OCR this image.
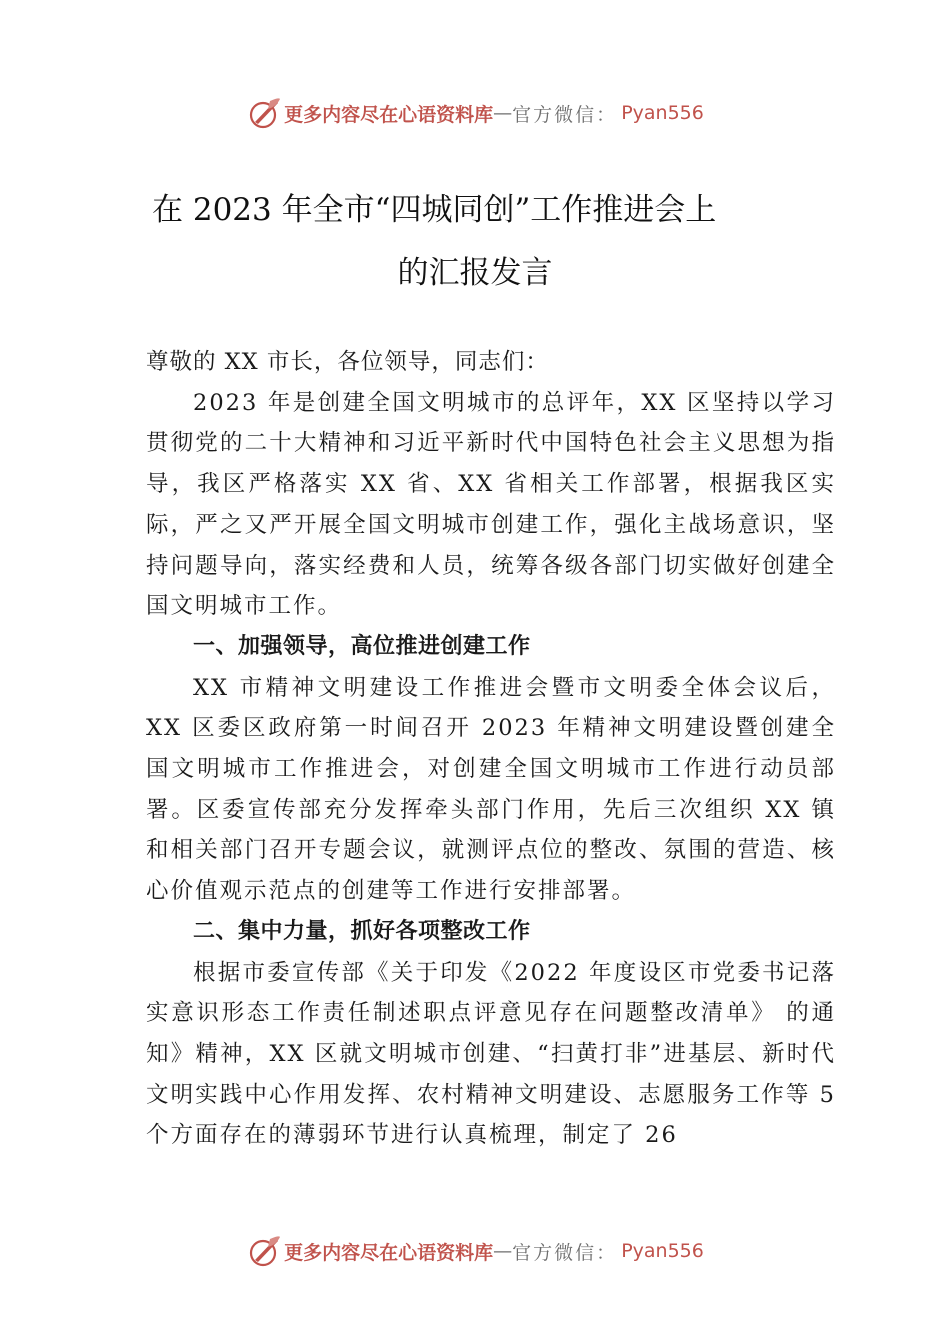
更多内容尽在心语资料库 — 官方微信： Pyan556
在 2023 年全市“四城同创”工作推进会上
的汇报发言

尊敬的 XX 市长，各位领导，同志们：

2023 年是创建全国文明城市的总评年，XX 区坚持以学习贯彻党的二十大精神和习近平新时代中国特色社会主义思想为指导，我区严格落实 XX 省、XX 省相关工作部署，根据我区实际，严之又严开展全国文明城市创建工作，强化主战场意识，坚持问题导向，落实经费和人员，统筹各级各部门切实做好创建全国文明城市工作。

一、加强领导，高位推进创建工作

XX 市精神文明建设工作推进会暨市文明委全体会议后，XX 区委区政府第一时间召开 2023 年精神文明建设暨创建全国文明城市工作推进会，对创建全国文明城市工作进行动员部署。区委宣传部充分发挥牵头部门作用，先后三次组织 XX 镇和相关部门召开专题会议，就测评点位的整改、氛围的营造、核心价值观示范点的创建等工作进行安排部署。

二、集中力量，抓好各项整改工作

根据市委宣传部《关于印发《2022 年度设区市党委书记落实意识形态工作责任制述职点评意见存在问题整改清单》 的通知》精神，XX 区就文明城市创建、“扫黄打非”进基层、新时代文明实践中心作用发挥、农村精神文明建设、志愿服务工作等 5 个方面存在的薄弱环节进行认真梳理，制定了 26

更多内容尽在心语资料库 — 官方微信： Pyan556
